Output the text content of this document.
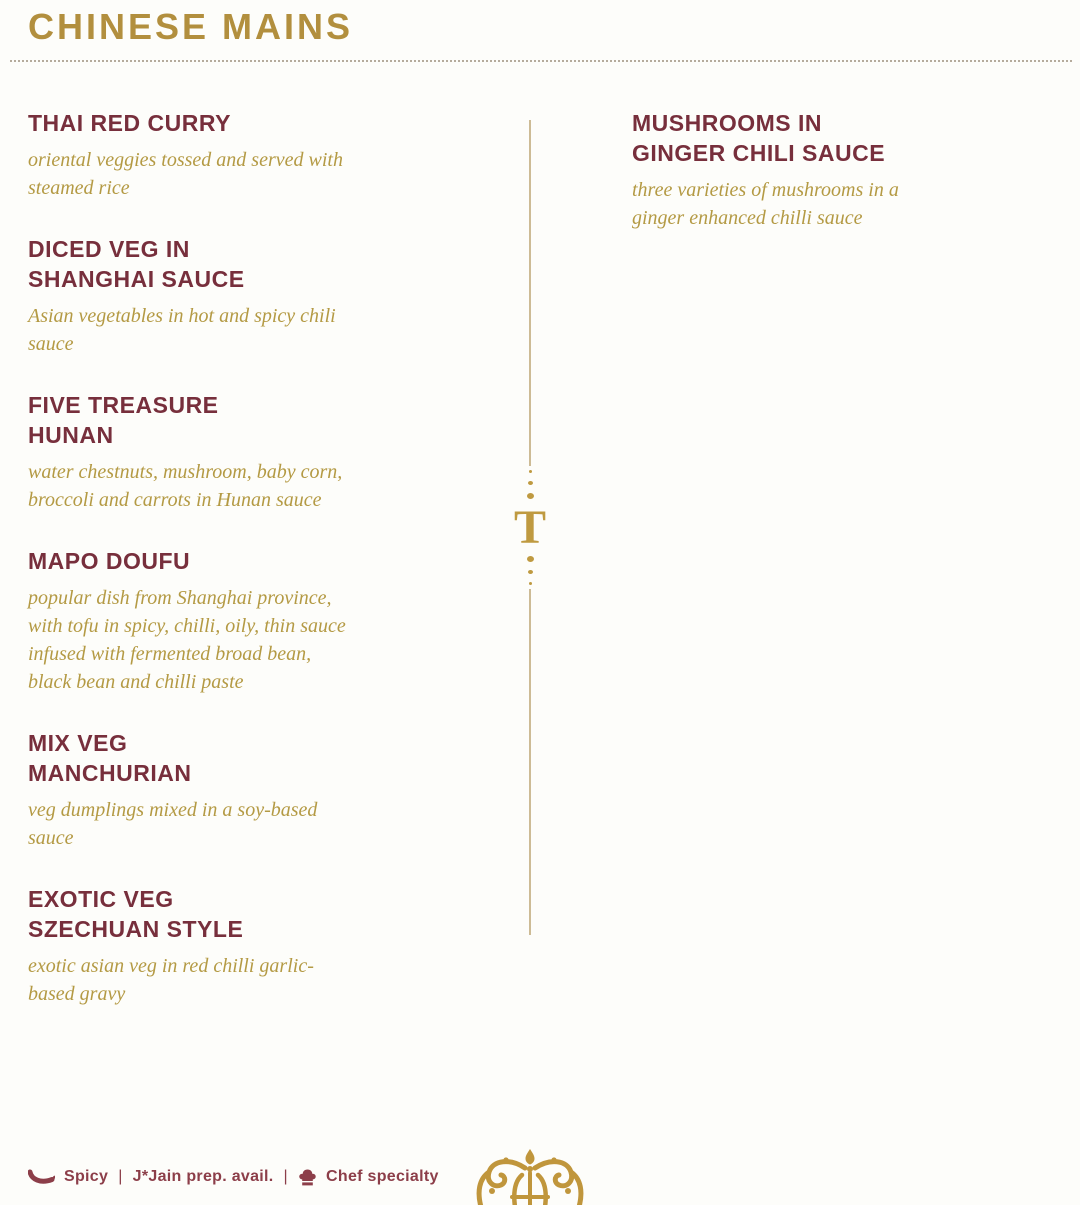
CHINESE MAINS
THAI RED CURRY

oriental veggies tossed and served with steamed rice

DICED VEG IN SHANGHAI SAUCE

Asian vegetables in hot and spicy chili sauce

FIVE TREASURE HUNAN

water chestnuts, mushroom, baby corn, broccoli and carrots in Hunan sauce

MAPO DOUFU

popular dish from Shanghai province, with tofu in spicy, chilli, oily, thin sauce infused with fermented broad bean, black bean and chilli paste

MIX VEG MANCHURIAN

veg dumplings mixed in a soy-based sauce

EXOTIC VEG SZECHUAN STYLE

exotic asian veg in red chilli garlic-based gravy

T
MUSHROOMS IN GINGER CHILI SAUCE

three varieties of mushrooms in a ginger enhanced chilli sauce

Spicy | J*Jain prep. avail. | Chef specialty
